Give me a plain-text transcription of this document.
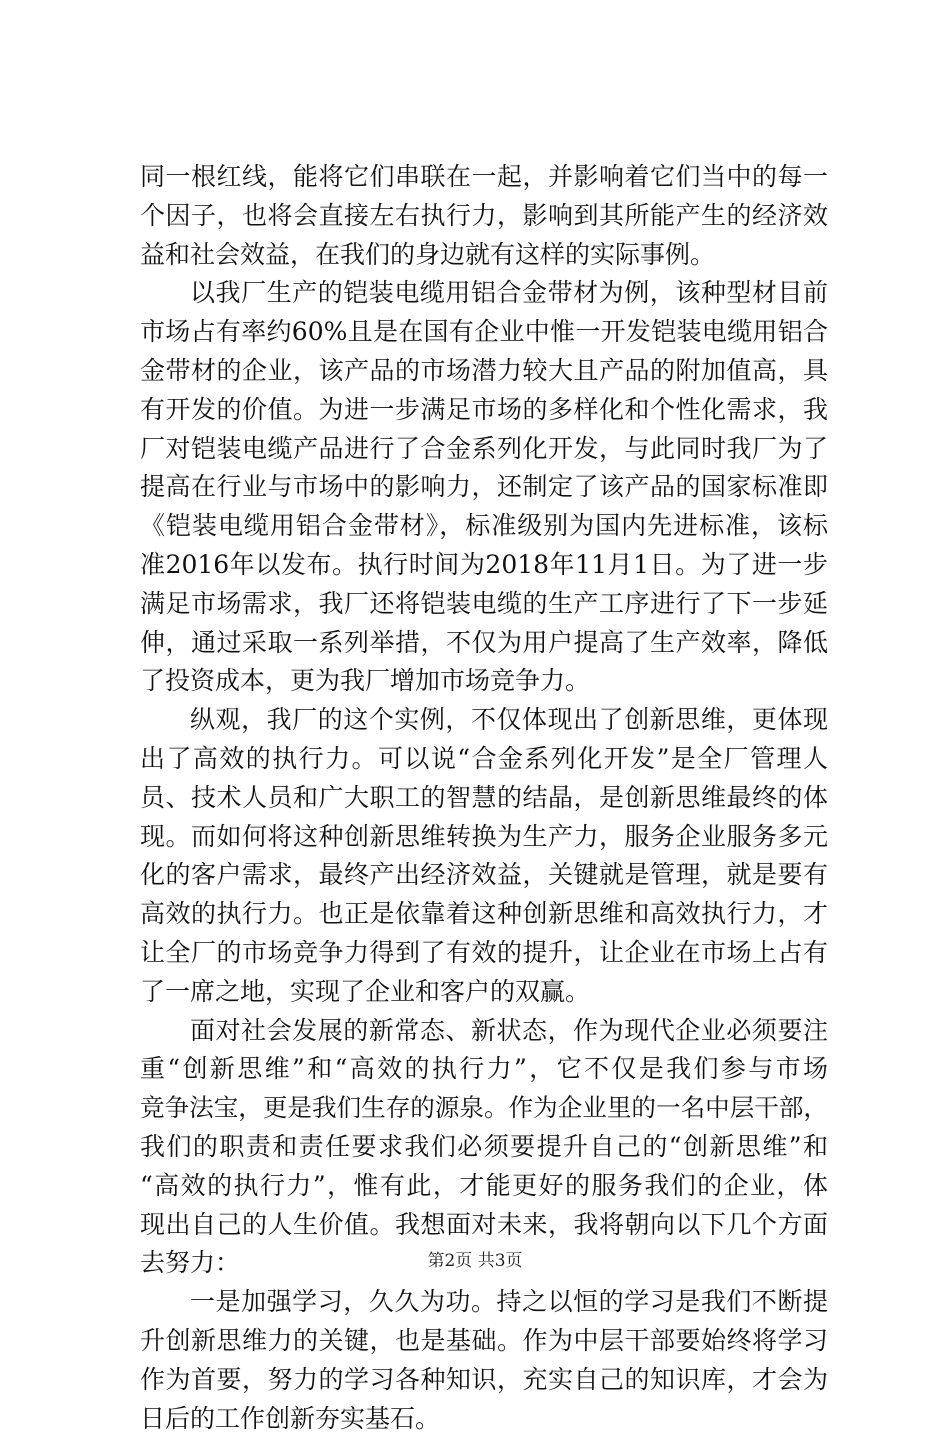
同一根红线，能将它们串联在一起，并影响着它们当中的每一
个因子，也将会直接左右执行力，影响到其所能产生的经济效
益和社会效益，在我们的身边就有这样的实际事例。
以我厂生产的铠装电缆用铝合金带材为例，该种型材目前
市场占有率约60%且是在国有企业中惟一开发铠装电缆用铝合
金带材的企业，该产品的市场潜力较大且产品的附加值高，具
有开发的价值。为进一步满足市场的多样化和个性化需求，我
厂对铠装电缆产品进行了合金系列化开发，与此同时我厂为了
提高在行业与市场中的影响力，还制定了该产品的国家标准即
《铠装电缆用铝合金带材》，标准级别为国内先进标准，该标
准2016年以发布。执行时间为2018年11月1日。为了进一步
满足市场需求，我厂还将铠装电缆的生产工序进行了下一步延
伸，通过采取一系列举措，不仅为用户提高了生产效率，降低
了投资成本，更为我厂增加市场竞争力。
纵观，我厂的这个实例，不仅体现出了创新思维，更体现
出了高效的执行力。可以说“合金系列化开发”是全厂管理人
员、技术人员和广大职工的智慧的结晶，是创新思维最终的体
现。而如何将这种创新思维转换为生产力，服务企业服务多元
化的客户需求，最终产出经济效益，关键就是管理，就是要有
高效的执行力。也正是依靠着这种创新思维和高效执行力，才
让全厂的市场竞争力得到了有效的提升，让企业在市场上占有
了一席之地，实现了企业和客户的双赢。
面对社会发展的新常态、新状态，作为现代企业必须要注
重“创新思维”和“高效的执行力”，它不仅是我们参与市场
竞争法宝，更是我们生存的源泉。作为企业里的一名中层干部，
我们的职责和责任要求我们必须要提升自己的“创新思维”和
“高效的执行力”，惟有此，才能更好的服务我们的企业，体
现出自己的人生价值。我想面对未来，我将朝向以下几个方面
去努力：
一是加强学习，久久为功。持之以恒的学习是我们不断提
升创新思维力的关键，也是基础。作为中层干部要始终将学习
作为首要，努力的学习各种知识，充实自己的知识库，才会为
日后的工作创新夯实基石。
第2页 共3页
